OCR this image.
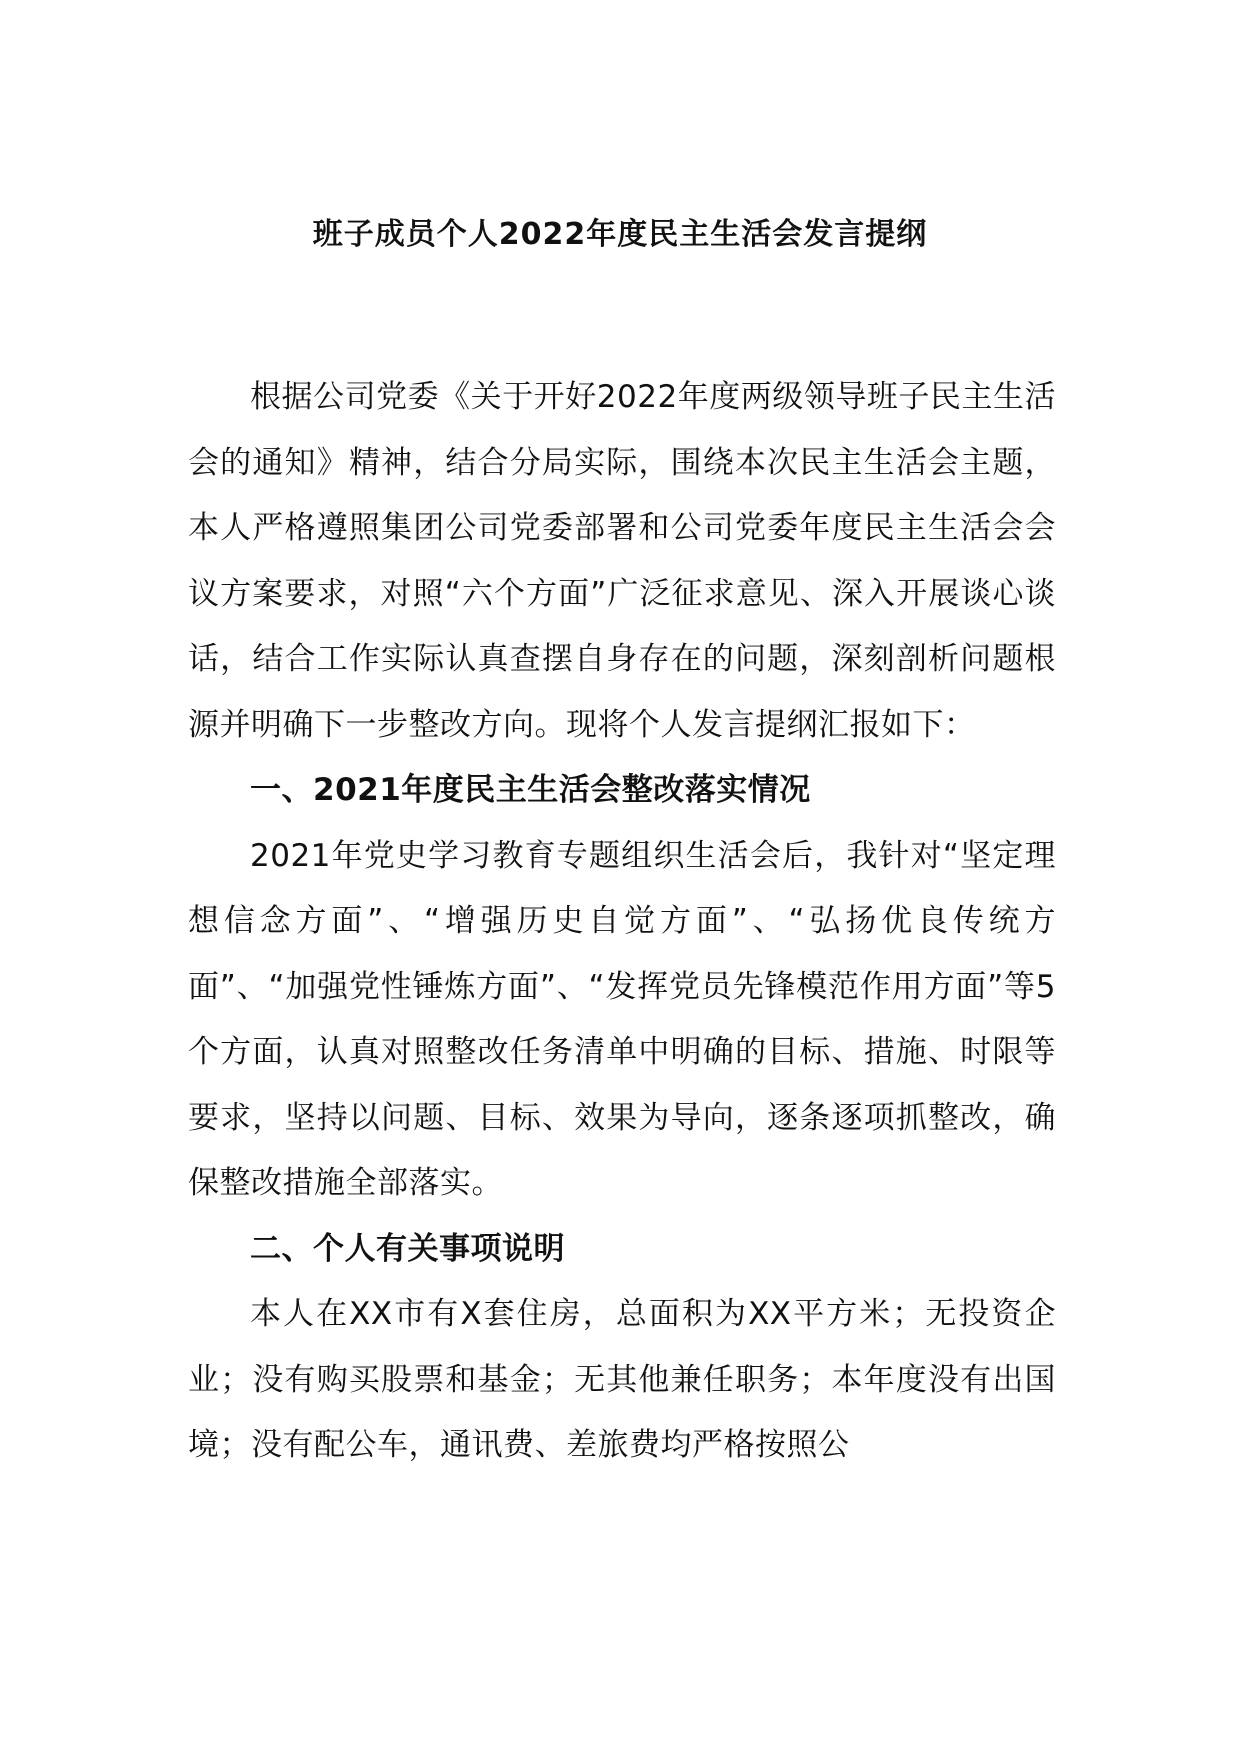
班子成员个人2022年度民主生活会发言提纲

根据公司党委《关于开好2022年度两级领导班子民主生活会的通知》精神，结合分局实际，围绕本次民主生活会主题，本人严格遵照集团公司党委部署和公司党委年度民主生活会会议方案要求，对照“六个方面”广泛征求意见、深入开展谈心谈话，结合工作实际认真查摆自身存在的问题，深刻剖析问题根源并明确下一步整改方向。现将个人发言提纲汇报如下：

一、2021年度民主生活会整改落实情况

2021年党史学习教育专题组织生活会后，我针对“坚定理想信念方面”、“增强历史自觉方面”、“弘扬优良传统方面”、“加强党性锤炼方面”、“发挥党员先锋模范作用方面”等5个方面，认真对照整改任务清单中明确的目标、措施、时限等要求，坚持以问题、目标、效果为导向，逐条逐项抓整改，确保整改措施全部落实。

二、个人有关事项说明

本人在XX市有X套住房，总面积为XX平方米；无投资企业；没有购买股票和基金；无其他兼任职务；本年度没有出国境；没有配公车，通讯费、差旅费均严格按照公
